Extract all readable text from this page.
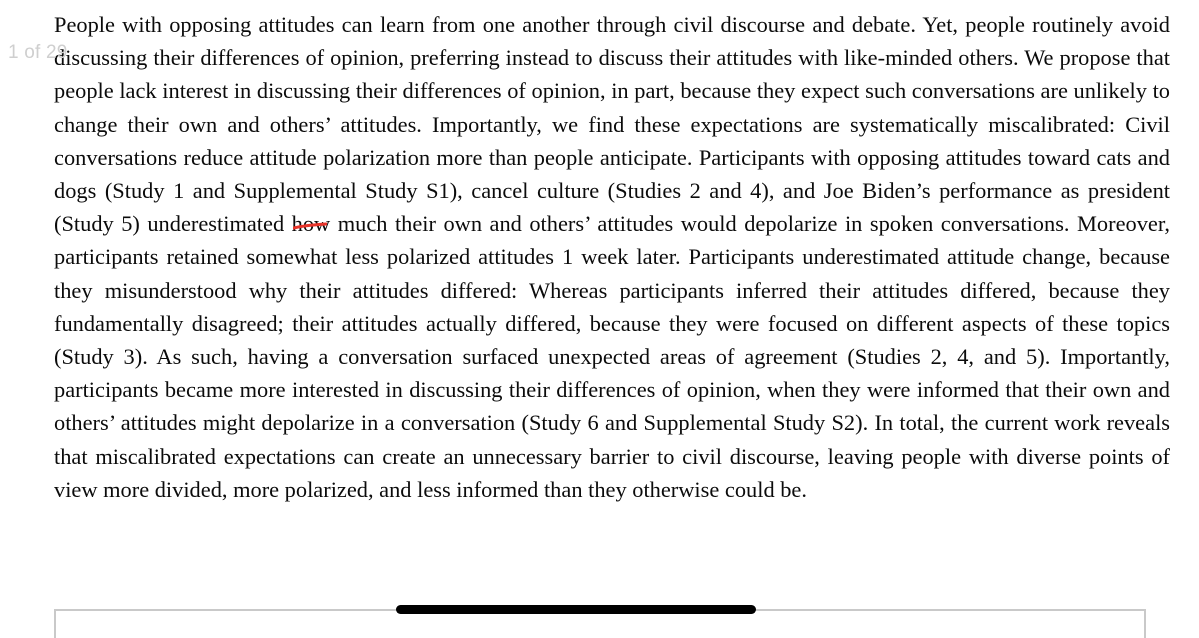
1 of 29

People with opposing attitudes can learn from one another through civil discourse and debate. Yet, people routinely avoid discussing their differences of opinion, preferring instead to discuss their attitudes with like-minded others. We propose that people lack interest in discussing their differences of opinion, in part, because they expect such conversations are unlikely to change their own and others’ attitudes. Importantly, we find these expectations are systematically miscalibrated: Civil conversations reduce attitude polarization more than people anticipate. Participants with opposing attitudes toward cats and dogs (Study 1 and Supplemental Study S1), cancel culture (Studies 2 and 4), and Joe Biden’s performance as president (Study 5) underestimated how much their own and others’ attitudes would depolarize in spoken conversations. Moreover, participants retained somewhat less polarized attitudes 1 week later. Participants underestimated attitude change, because they misunderstood why their attitudes differed: Whereas participants inferred their attitudes differed, because they fundamentally disagreed; their attitudes actually differed, because they were focused on different aspects of these topics (Study 3). As such, having a conversation surfaced unexpected areas of agreement (Studies 2, 4, and 5). Importantly, participants became more interested in discussing their differences of opinion, when they were informed that their own and others’ attitudes might depolarize in a conversation (Study 6 and Supplemental Study S2). In total, the current work reveals that miscalibrated expectations can create an unnecessary barrier to civil discourse, leaving people with diverse points of view more divided, more polarized, and less informed than they otherwise could be.
